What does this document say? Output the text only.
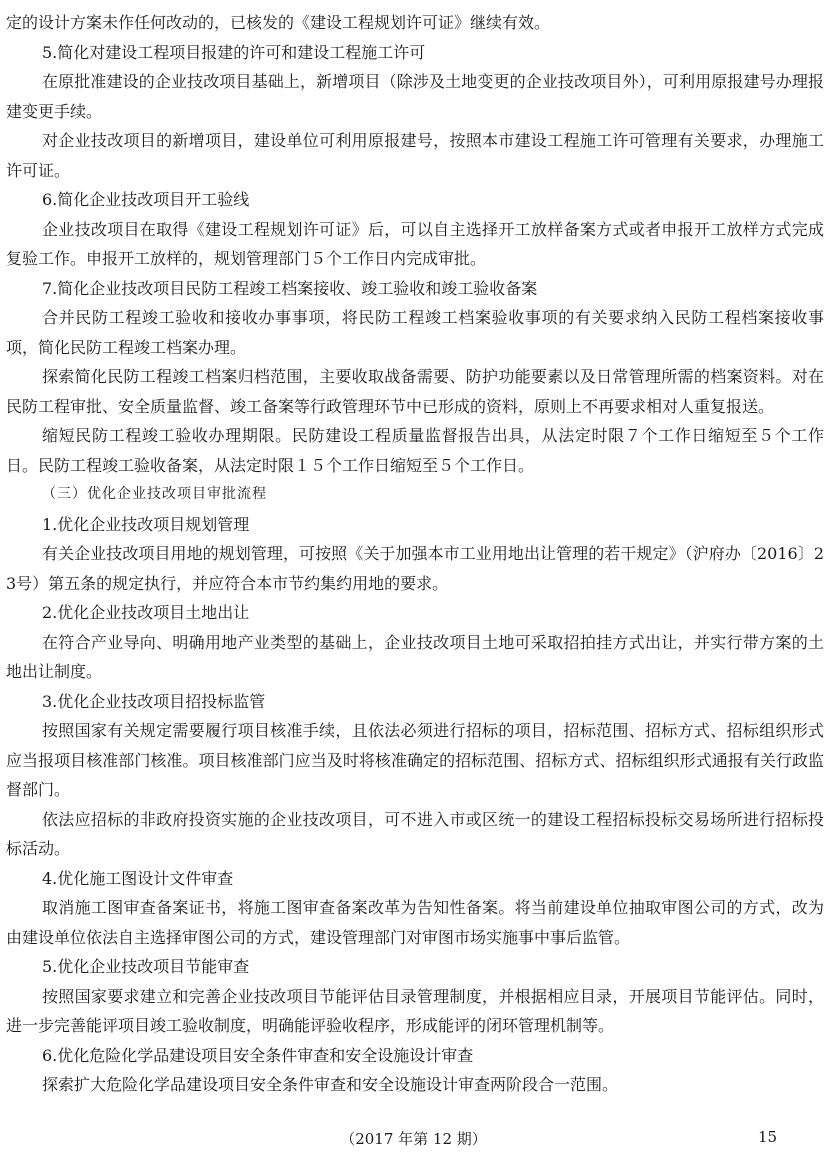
定的设计方案未作任何改动的，已核发的《建设工程规划许可证》继续有效。

5.简化对建设工程项目报建的许可和建设工程施工许可

在原批准建设的企业技改项目基础上，新增项目（除涉及土地变更的企业技改项目外），可利用原报建号办理报建变更手续。

对企业技改项目的新增项目，建设单位可利用原报建号，按照本市建设工程施工许可管理有关要求，办理施工许可证。

6.简化企业技改项目开工验线

企业技改项目在取得《建设工程规划许可证》后，可以自主选择开工放样备案方式或者申报开工放样方式完成复验工作。申报开工放样的，规划管理部门５个工作日内完成审批。

7.简化企业技改项目民防工程竣工档案接收、竣工验收和竣工验收备案

合并民防工程竣工验收和接收办事事项，将民防工程竣工档案验收事项的有关要求纳入民防工程档案接收事项，简化民防工程竣工档案办理。

探索简化民防工程竣工档案归档范围，主要收取战备需要、防护功能要素以及日常管理所需的档案资料。对在民防工程审批、安全质量监督、竣工备案等行政管理环节中已形成的资料，原则上不再要求相对人重复报送。

缩短民防工程竣工验收办理期限。民防建设工程质量监督报告出具，从法定时限７个工作日缩短至５个工作日。民防工程竣工验收备案，从法定时限１５个工作日缩短至５个工作日。

（三）优化企业技改项目审批流程

1.优化企业技改项目规划管理

有关企业技改项目用地的规划管理，可按照《关于加强本市工业用地出让管理的若干规定》（沪府办〔2016〕23号）第五条的规定执行，并应符合本市节约集约用地的要求。

2.优化企业技改项目土地出让

在符合产业导向、明确用地产业类型的基础上，企业技改项目土地可采取招拍挂方式出让，并实行带方案的土地出让制度。

3.优化企业技改项目招投标监管

按照国家有关规定需要履行项目核准手续，且依法必须进行招标的项目，招标范围、招标方式、招标组织形式应当报项目核准部门核准。项目核准部门应当及时将核准确定的招标范围、招标方式、招标组织形式通报有关行政监督部门。

依法应招标的非政府投资实施的企业技改项目，可不进入市或区统一的建设工程招标投标交易场所进行招标投标活动。

4.优化施工图设计文件审查

取消施工图审查备案证书，将施工图审查备案改革为告知性备案。将当前建设单位抽取审图公司的方式，改为由建设单位依法自主选择审图公司的方式，建设管理部门对审图市场实施事中事后监管。

5.优化企业技改项目节能审查

按照国家要求建立和完善企业技改项目节能评估目录管理制度，并根据相应目录，开展项目节能评估。同时，进一步完善能评项目竣工验收制度，明确能评验收程序，形成能评的闭环管理机制等。

6.优化危险化学品建设项目安全条件审查和安全设施设计审查

探索扩大危险化学品建设项目安全条件审查和安全设施设计审查两阶段合一范围。

（2017 年第 12 期）	15
